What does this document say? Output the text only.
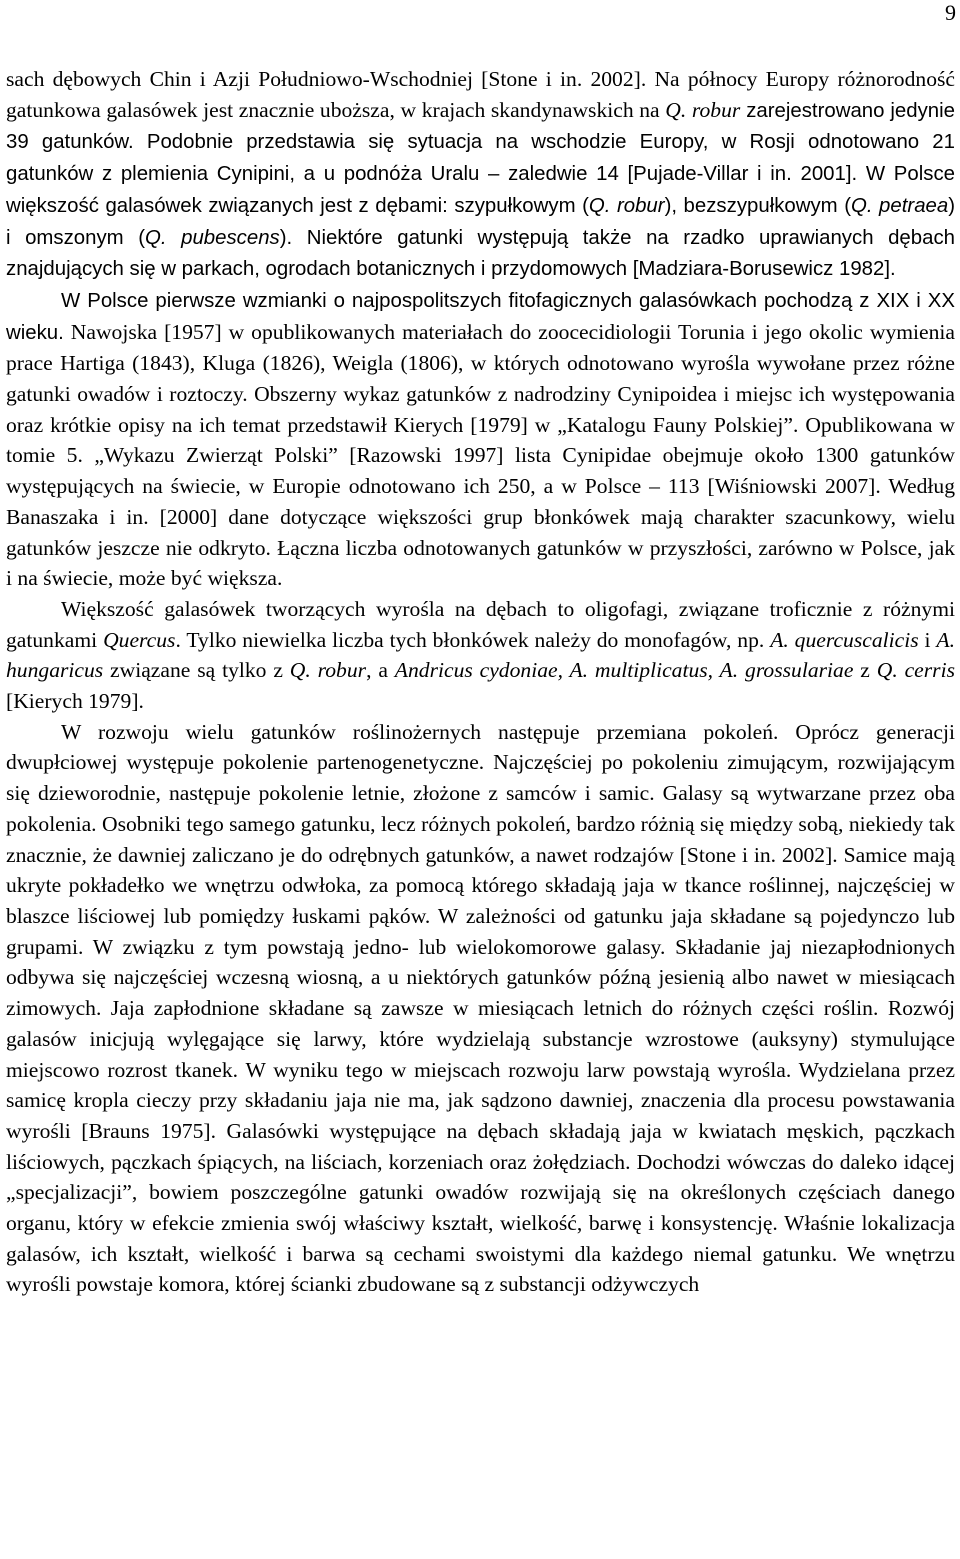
9

sach dębowych Chin i Azji Południowo-Wschodniej [Stone i in. 2002]. Na północy Europy różnorodność gatunkowa galasówek jest znacznie uboższa, w krajach skandynawskich na Q. robur zarejestrowano jedynie 39 gatunków. Podobnie przedstawia się sytuacja na wschodzie Europy, w Rosji odnotowano 21 gatunków z plemienia Cynipini, a u podnóża Uralu – zaledwie 14 [Pujade-Villar i in. 2001]. W Polsce większość galasówek związanych jest z dębami: szypułkowym (Q. robur), bezszypułkowym (Q. petraea) i omszonym (Q. pubescens). Niektóre gatunki występują także na rzadko uprawianych dębach znajdujących się w parkach, ogrodach botanicznych i przydomowych [Madziara-Borusewicz 1982].

W Polsce pierwsze wzmianki o najpospolitszych fitofagicznych galasówkach pochodzą z XIX i XX wieku. Nawojska [1957] w opublikowanych materiałach do zoocecidiologii Torunia i jego okolic wymienia prace Hartiga (1843), Kluga (1826), Weigla (1806), w których odnotowano wyrośla wywołane przez różne gatunki owadów i roztoczy. Obszerny wykaz gatunków z nadrodziny Cynipoidea i miejsc ich występowania oraz krótkie opisy na ich temat przedstawił Kierych [1979] w „Katalogu Fauny Polskiej”. Opublikowana w tomie 5. „Wykazu Zwierząt Polski” [Razowski 1997] lista Cynipidae obejmuje około 1300 gatunków występujących na świecie, w Europie odnotowano ich 250, a w Polsce – 113 [Wiśniowski 2007]. Według Banaszaka i in. [2000] dane dotyczące większości grup błonkówek mają charakter szacunkowy, wielu gatunków jeszcze nie odkryto. Łączna liczba odnotowanych gatunków w przyszłości, zarówno w Polsce, jak i na świecie, może być większa.

Większość galasówek tworzących wyrośla na dębach to oligofagi, związane troficznie z różnymi gatunkami Quercus. Tylko niewielka liczba tych błonkówek należy do monofagów, np. A. quercuscalicis i A. hungaricus związane są tylko z Q. robur, a Andricus cydoniae, A. multiplicatus, A. grossulariae z Q. cerris [Kierych 1979].

W rozwoju wielu gatunków roślinożernych następuje przemiana pokoleń. Oprócz generacji dwupłciowej występuje pokolenie partenogenetyczne. Najczęściej po pokoleniu zimującym, rozwijającym się dzieworodnie, następuje pokolenie letnie, złożone z samców i samic. Galasy są wytwarzane przez oba pokolenia. Osobniki tego samego gatunku, lecz różnych pokoleń, bardzo różnią się między sobą, niekiedy tak znacznie, że dawniej zaliczano je do odrębnych gatunków, a nawet rodzajów [Stone i in. 2002]. Samice mają ukryte pokładełko we wnętrzu odwłoka, za pomocą którego składają jaja w tkance roślinnej, najczęściej w blaszce liściowej lub pomiędzy łuskami pąków. W zależności od gatunku jaja składane są pojedynczo lub grupami. W związku z tym powstają jedno- lub wielokomorowe galasy. Składanie jaj niezapłodnionych odbywa się najczęściej wczesną wiosną, a u niektórych gatunków późną jesienią albo nawet w miesiącach zimowych. Jaja zapłodnione składane są zawsze w miesiącach letnich do różnych części roślin. Rozwój galasów inicjują wylęgające się larwy, które wydzielają substancje wzrostowe (auksyny) stymulujące miejscowo rozrost tkanek. W wyniku tego w miejscach rozwoju larw powstają wyrośla. Wydzielana przez samicę kropla cieczy przy składaniu jaja nie ma, jak sądzono dawniej, znaczenia dla procesu powstawania wyrośli [Brauns 1975]. Galasówki występujące na dębach składają jaja w kwiatach męskich, pączkach liściowych, pączkach śpiących, na liściach, korzeniach oraz żołędziach. Dochodzi wówczas do daleko idącej „specjalizacji”, bowiem poszczególne gatunki owadów rozwijają się na określonych częściach danego organu, który w efekcie zmienia swój właściwy kształt, wielkość, barwę i konsystencję. Właśnie lokalizacja galasów, ich kształt, wielkość i barwa są cechami swoistymi dla każdego niemal gatunku. We wnętrzu wyrośli powstaje komora, której ścianki zbudowane są z substancji odżywczych
